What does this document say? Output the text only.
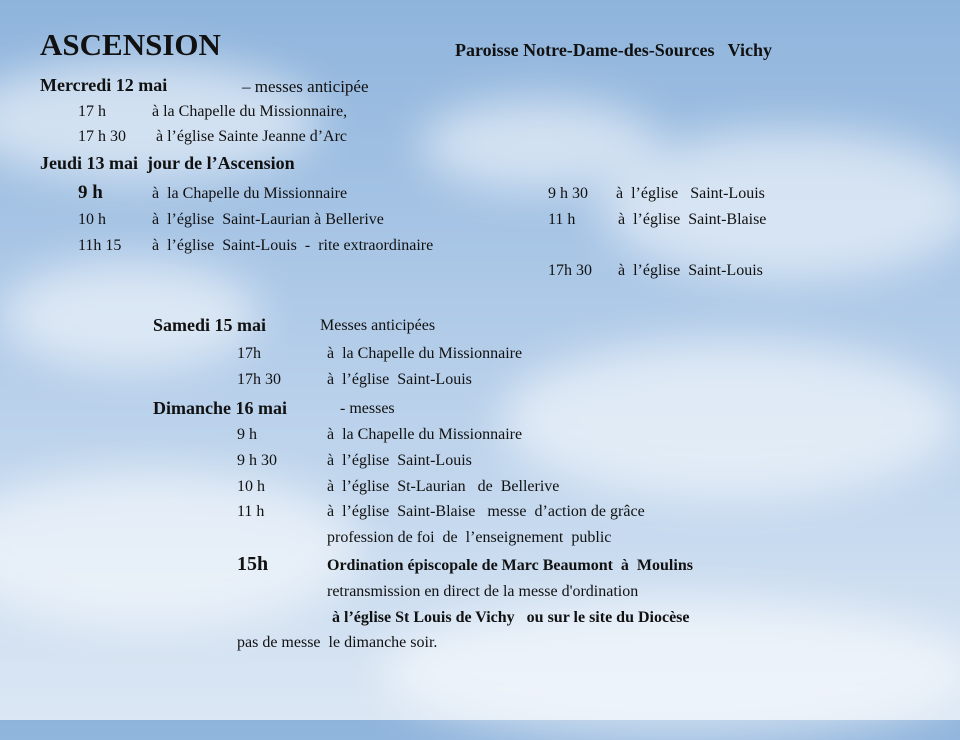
ASCENSION	Paroisse Notre-Dame-des-Sources   Vichy
Mercredi 12 mai	– messes anticipée
17 h	à la Chapelle du Missionnaire,
17 h 30 à l’église Sainte Jeanne d’Arc
Jeudi 13 mai  jour de l’Ascension
9 h	à  la Chapelle du Missionnaire
10 h	à  l’église  Saint-Laurian à Bellerive
11h 15 à  l’église  Saint-Louis  -  rite extraordinaire
9 h 30 à  l’église   Saint-Louis
11 h	à  l’église  Saint-Blaise
17h 30 à  l’église  Saint-Louis
Samedi 15 mai	Messes anticipées
17h	à  la Chapelle du Missionnaire
17h 30	à  l’église  Saint-Louis
Dimanche 16 mai	- messes
9 h	à  la Chapelle du Missionnaire
9 h 30	à  l’église  Saint-Louis
10 h	à  l’église  St-Laurian   de  Bellerive
11 h	à  l’église  Saint-Blaise   messe  d’action de grâce
profession de foi  de  l’enseignement  public
15h	Ordination épiscopale de Marc Beaumont  à  Moulins
retransmission en direct de la messe d'ordination
à l’église St Louis de Vichy   ou sur le site du Diocèse
pas de messe  le dimanche soir.
